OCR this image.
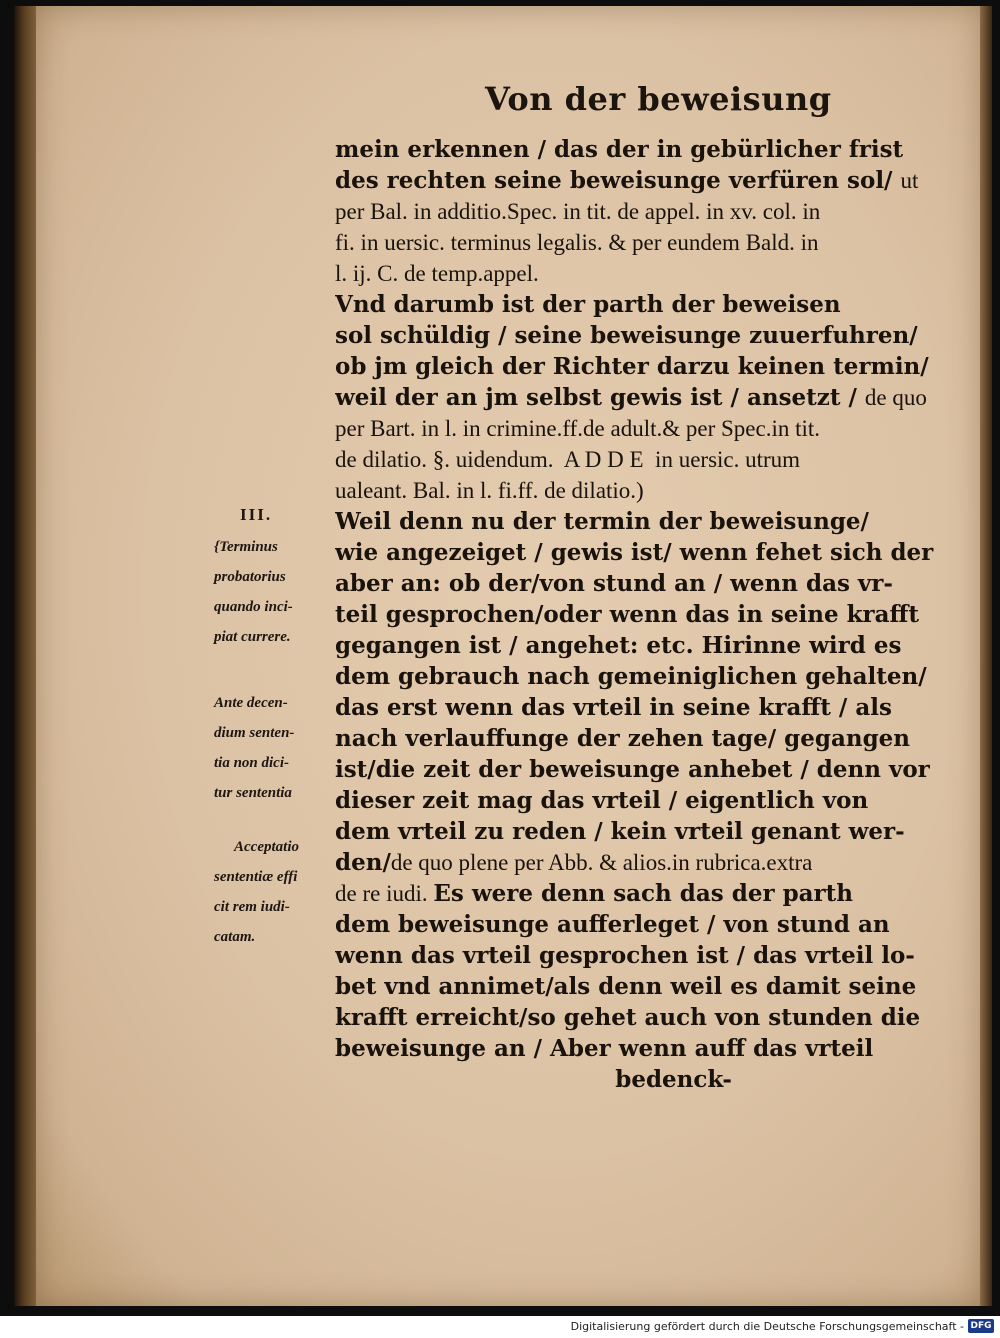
Von der beweisung
mein erkennen / das der in gebürlicher frist
des rechten seine beweisunge verfüren sol/ ut
per Bal. in additio.Spec. in tit. de appel. in xv. col. in
fi. in uersic. terminus legalis. & per eundem Bald. in
l. ij. C. de temp.appel.
Vnd darumb ist der parth der beweisen
sol schüldig / seine beweisunge zuuerfuhren/
ob jm gleich der Richter darzu keinen termin/
weil der an jm selbst gewis ist / ansetzt / de quo
per Bart. in l. in crimine.ff.de adult.& per Spec.in tit.
de dilatio. §. uidendum.  A D D E  in uersic. utrum
ualeant. Bal. in l. fi.ff. de dilatio.)
Weil denn nu der termin der beweisunge/
wie angezeiget / gewis ist/ wenn fehet sich der
aber an: ob der/von stund an / wenn das vr-
teil gesprochen/oder wenn das in seine krafft
gegangen ist / angehet: etc. Hirinne wird es
dem gebrauch nach gemeiniglichen gehalten/
das erst wenn das vrteil in seine krafft / als
nach verlauffunge der zehen tage/ gegangen
ist/die zeit der beweisunge anhebet / denn vor
dieser zeit mag das vrteil / eigentlich von
dem vrteil zu reden / kein vrteil genant wer-
den/de quo plene per Abb. & alios.in rubrica.extra
de re iudi. Es were denn sach das der parth
dem beweisunge aufferleget / von stund an
wenn das vrteil gesprochen ist / das vrteil lo-
bet vnd annimet/als denn weil es damit seine
krafft erreicht/so gehet auch von stunden die
beweisunge an / Aber wenn auff das vrteil
bedenck-
III.
{Terminus
probatorius
quando inci-
piat currere.
Ante decen-
dium senten-
tia non dici-
tur sententia
Acceptatio
sententiæ effi
cit rem iudi-
catam.
Digitalisierung gefördert durch die Deutsche Forschungsgemeinschaft - DFG
